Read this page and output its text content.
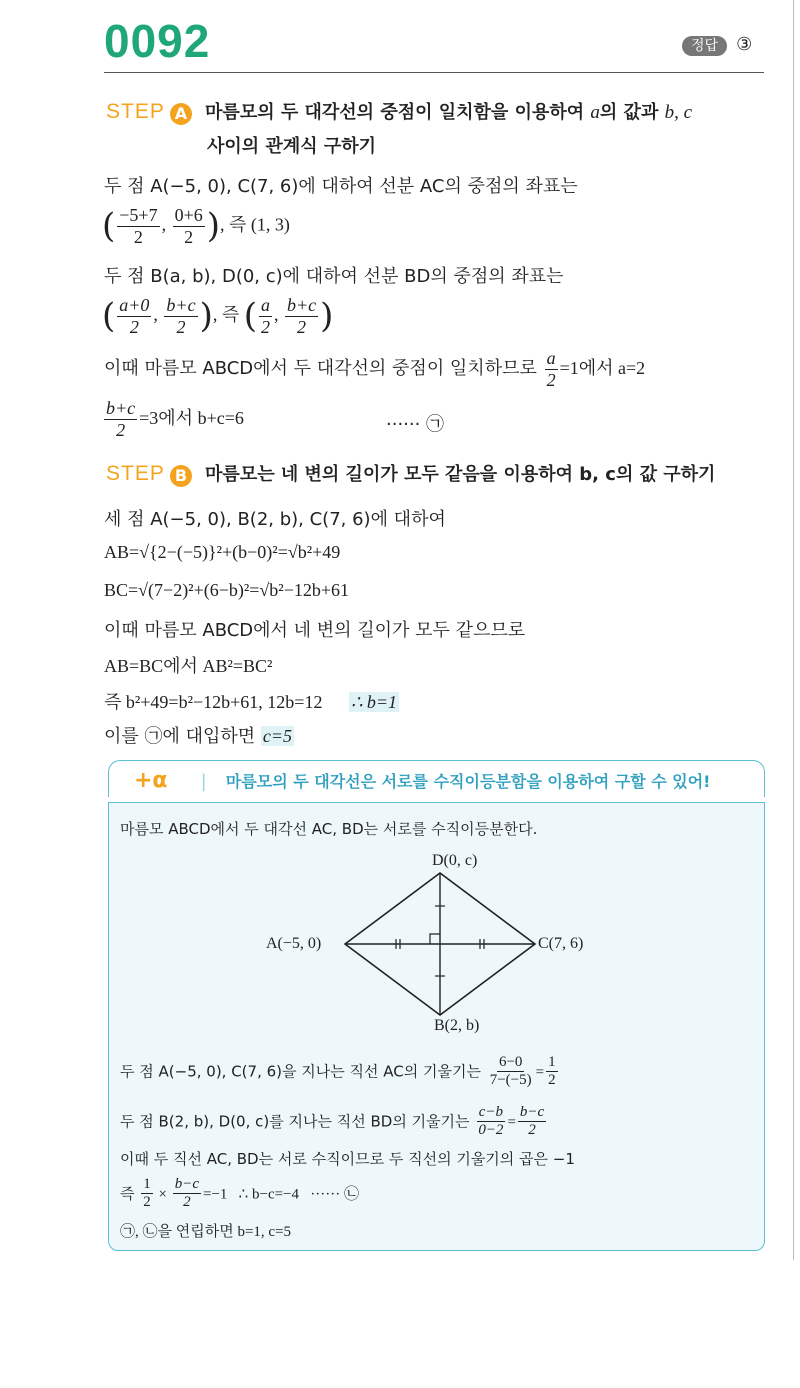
0092	정답 ③
STEP A 마름모의 두 대각선의 중점이 일치함을 이용하여 a의 값과 b, c
사이의 관계식 구하기
두 점 A(−5, 0), C(7, 6)에 대하여 선분 AC의 중점의 좌표는
( $\frac{-5+7}{2}$ , $\frac{0+6}{2}$ ), 즉 (1, 3)
두 점 B(a, b), D(0, c)에 대하여 선분 BD의 중점의 좌표는
( $\frac{a+0}{2}$ , $\frac{b+c}{2}$ ), 즉 ( $\frac{a}{2}$ , $\frac{b+c}{2}$ )
이때 마름모 ABCD에서 두 대각선의 중점이 일치하므로 $\frac{a}{2} =1$에서 a=2
$\frac{b+c}{2} =3$에서 b+c=6	······ ㉠
STEP B 마름모는 네 변의 길이가 모두 같음을 이용하여 b, c의 값 구하기
세 점 A(−5, 0), B(2, b), C(7, 6)에 대하여
AB=√{2−(−5)}²+(b−0)²=√b²+49
BC=√(7−2)²+(6−b)²=√b²−12b+61
이때 마름모 ABCD에서 네 변의 길이가 모두 같으므로
AB=BC에서 AB²=BC²
즉 b²+49=b²−12b+61, 12b=12 ∴ b=1
이를 ㉠에 대입하면 c=5
+α | 마름모의 두 대각선은 서로를 수직이등분함을 이용하여 구할 수 있어!
마름모 ABCD에서 두 대각선 AC, BD는 서로를 수직이등분한다.
D(0, c)
A(−5, 0)	C(7, 6)
B(2, b)
두 점 A(−5, 0), C(7, 6)을 지나는 직선 AC의 기울기는 $\frac{6-0}{7-(-5)} = \frac{1}{2}$
두 점 B(2, b), D(0, c)를 지나는 직선 BD의 기울기는 $\frac{c-b}{0-2} = \frac{b-c}{2}$
이때 두 직선 AC, BD는 서로 수직이므로 두 직선의 기울기의 곱은 −1
즉 $\frac{1}{2} \times \frac{b-c}{2} =-1$   ∴ b−c=−4   ······ ㉡
㉠, ㉡을 연립하면 b=1, c=5
